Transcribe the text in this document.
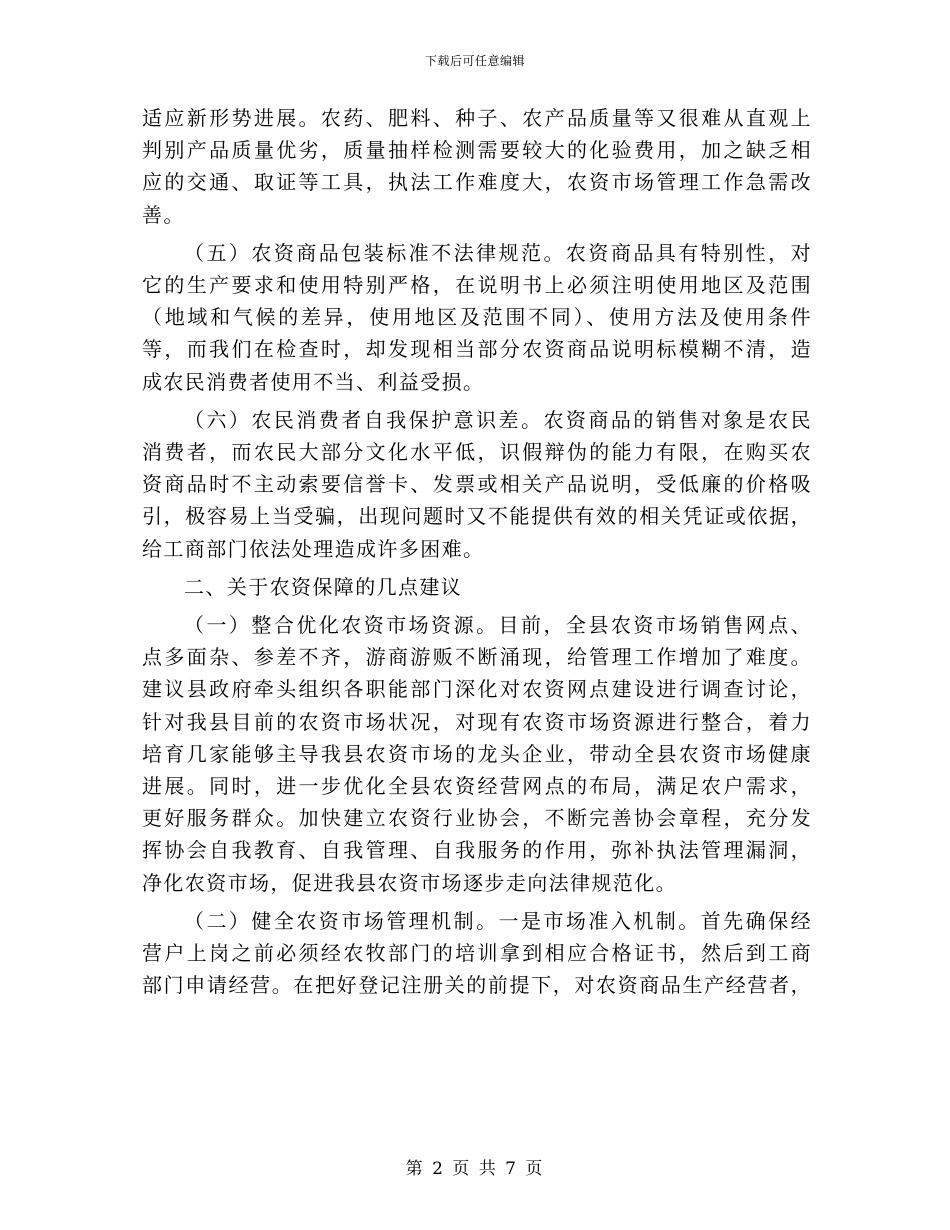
下载后可任意编辑
适应新形势进展。农药、肥料、种子、农产品质量等又很难从直观上
判别产品质量优劣，质量抽样检测需要较大的化验费用，加之缺乏相
应的交通、取证等工具，执法工作难度大，农资市场管理工作急需改
善。
（五）农资商品包装标准不法律规范。农资商品具有特别性，对
它的生产要求和使用特别严格，在说明书上必须注明使用地区及范围
（地域和气候的差异，使用地区及范围不同）、使用方法及使用条件
等，而我们在检查时，却发现相当部分农资商品说明标模糊不清，造
成农民消费者使用不当、利益受损。
（六）农民消费者自我保护意识差。农资商品的销售对象是农民
消费者，而农民大部分文化水平低，识假辩伪的能力有限，在购买农
资商品时不主动索要信誉卡、发票或相关产品说明，受低廉的价格吸
引，极容易上当受骗，出现问题时又不能提供有效的相关凭证或依据，
给工商部门依法处理造成许多困难。
二、关于农资保障的几点建议
（一）整合优化农资市场资源。目前，全县农资市场销售网点、
点多面杂、参差不齐，游商游贩不断涌现，给管理工作增加了难度。
建议县政府牵头组织各职能部门深化对农资网点建设进行调查讨论，
针对我县目前的农资市场状况，对现有农资市场资源进行整合，着力
培育几家能够主导我县农资市场的龙头企业，带动全县农资市场健康
进展。同时，进一步优化全县农资经营网点的布局，满足农户需求，
更好服务群众。加快建立农资行业协会，不断完善协会章程，充分发
挥协会自我教育、自我管理、自我服务的作用，弥补执法管理漏洞，
净化农资市场，促进我县农资市场逐步走向法律规范化。
（二）健全农资市场管理机制。一是市场准入机制。首先确保经
营户上岗之前必须经农牧部门的培训拿到相应合格证书，然后到工商
部门申请经营。在把好登记注册关的前提下，对农资商品生产经营者，
第 2 页 共 7 页
